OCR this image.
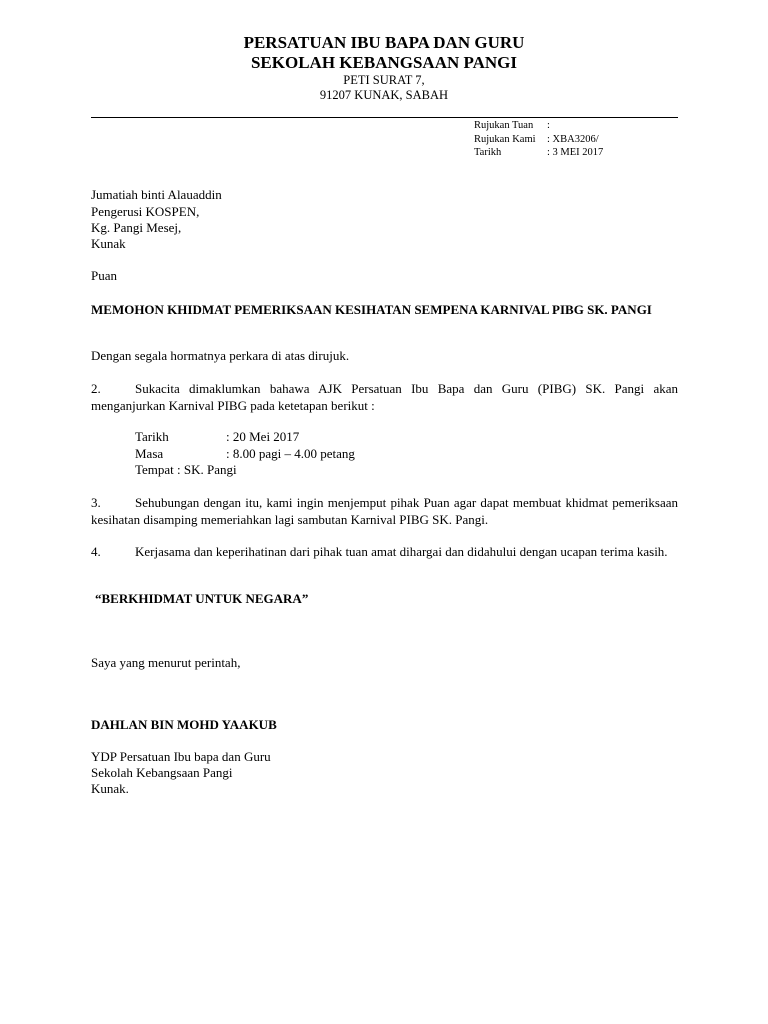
PERSATUAN IBU BAPA DAN GURU
SEKOLAH KEBANGSAAN PANGI
PETI SURAT 7,
91207 KUNAK, SABAH
Rujukan Tuan :
Rujukan Kami : XBA3206/
Tarikh	: 3 MEI 2017
Jumatiah binti Alauaddin
Pengerusi KOSPEN,
Kg. Pangi Mesej,
Kunak
Puan
MEMOHON KHIDMAT PEMERIKSAAN KESIHATAN SEMPENA KARNIVAL PIBG SK. PANGI
Dengan segala hormatnya perkara di atas dirujuk.
2.	Sukacita dimaklumkan bahawa AJK Persatuan Ibu Bapa dan Guru (PIBG) SK. Pangi akan menganjurkan Karnival PIBG pada ketetapan berikut :
Tarikh	: 20 Mei 2017
Masa	: 8.00 pagi – 4.00 petang
Tempat : SK. Pangi
3.	Sehubungan dengan itu, kami ingin menjemput pihak Puan agar dapat membuat khidmat pemeriksaan kesihatan disamping memeriahkan lagi sambutan Karnival PIBG SK. Pangi.
4.	Kerjasama dan keperihatinan dari pihak tuan amat dihargai dan didahului dengan ucapan terima kasih.
“BERKHIDMAT UNTUK NEGARA”
Saya yang menurut perintah,
DAHLAN BIN MOHD YAAKUB
YDP Persatuan Ibu bapa dan Guru
Sekolah Kebangsaan Pangi
Kunak.
